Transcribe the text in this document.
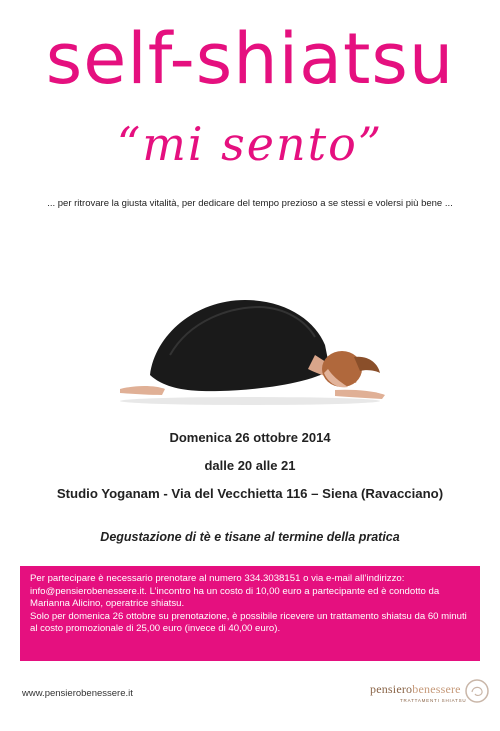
self-shiatsu
“mi sento”
... per ritrovare la giusta vitalità, per dedicare del tempo prezioso a se stessi e volersi più bene ...
Domenica 26 ottobre 2014
dalle 20 alle 21
Studio Yoganam - Via del Vecchietta 116 – Siena (Ravacciano)
Degustazione di tè e tisane al termine della pratica

Per partecipare è necessario prenotare al numero 334.3038151 o via e-mail all’indirizzo: info@pensierobenessere.it. L’incontro ha un costo di 10,00 euro a partecipante ed è condotto da Marianna Alicino, operatrice shiatsu.

Solo per domenica 26 ottobre su prenotazione, è possibile ricevere un trattamento shiatsu da 60 minuti al costo promozionale di 25,00 euro (invece di 40,00 euro).

www.pensierobenessere.it	pensierobenessere
TRATTAMENTI SHIATSU
